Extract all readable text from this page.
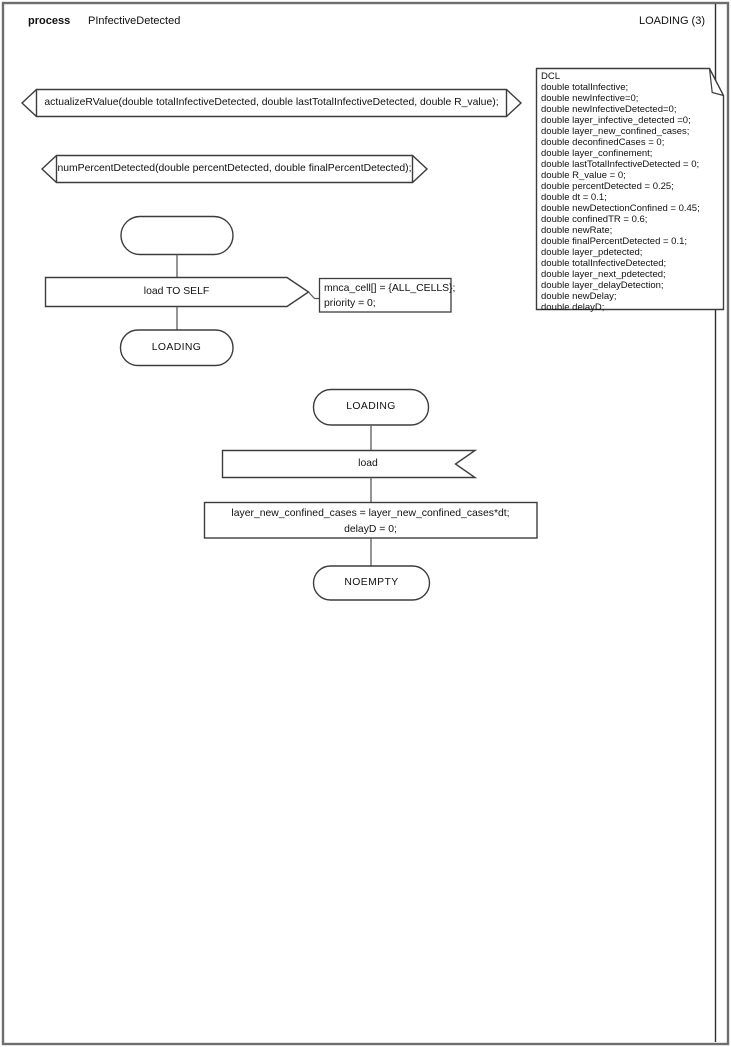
process PInfectiveDetected	LOADING (3)
actualizeRValue(double totalInfectiveDetected, double lastTotalInfectiveDetected, double R_value);
numPercentDetected(double percentDetected, double finalPercentDetected);
DCL
double totalInfective;
double newInfective=0;
double newInfectiveDetected=0;
double layer_infective_detected =0;
double layer_new_confined_cases;
double deconfinedCases = 0;
double layer_confinement;
double lastTotalInfectiveDetected = 0;
double R_value = 0;
double percentDetected = 0.25;
double dt = 0.1;
double newDetectionConfined = 0.45;
double confinedTR = 0.6;
double newRate;
double finalPercentDetected = 0.1;
double layer_pdetected;
double totalInfectiveDetected;
double layer_next_pdetected;
double layer_delayDetection;
double newDelay;
double delayD;
load TO SELF	mnca_cell[] = {ALL_CELLS};
priority = 0;
LOADING
LOADING
load
layer_new_confined_cases = layer_new_confined_cases*dt;
delayD = 0;
NOEMPTY
